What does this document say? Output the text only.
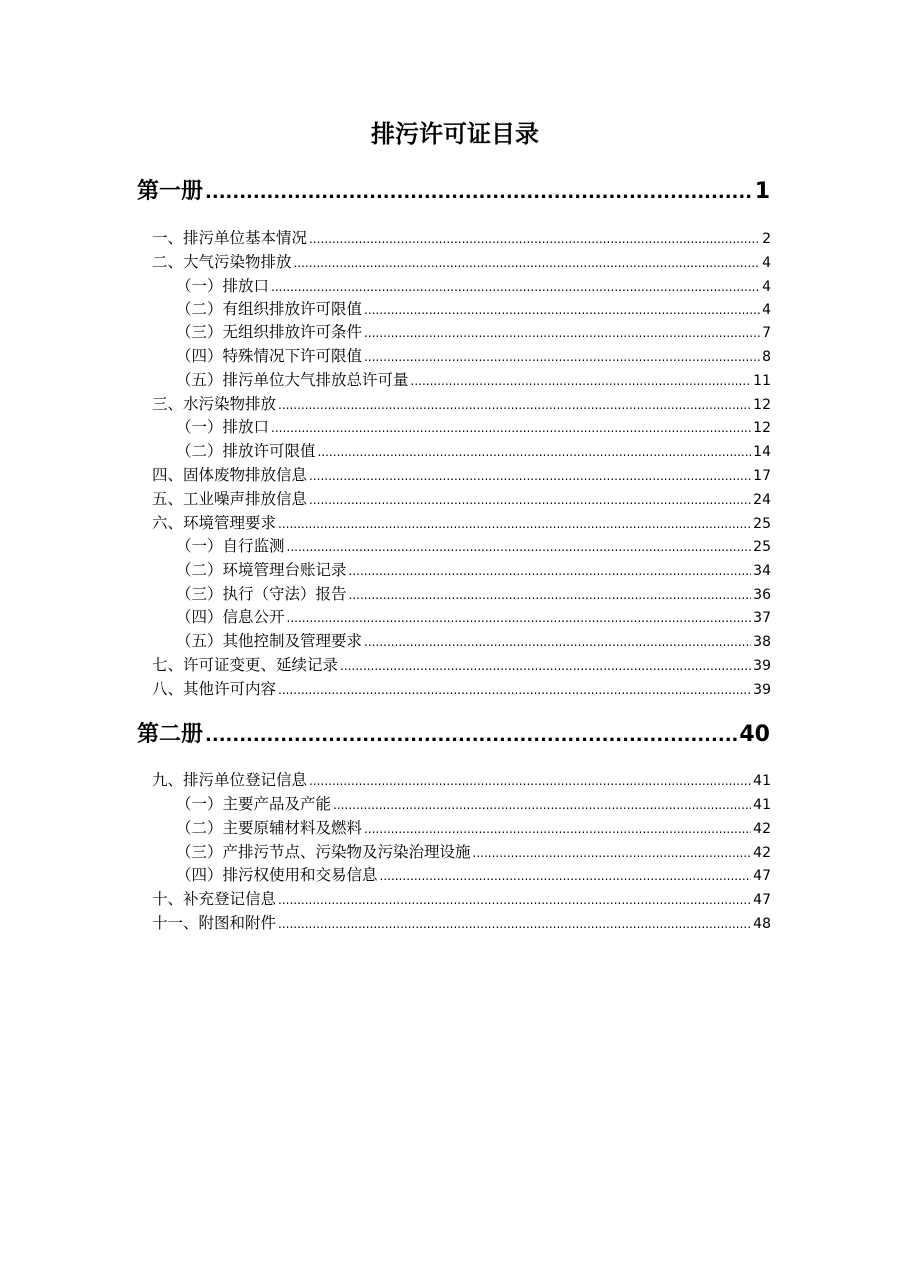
排污许可证目录
第一册 .....	1
一、排污单位基本情况 .....	2
二、大气污染物排放 .....	4
（一）排放口 .....	4
（二）有组织排放许可限值 .....	4
（三）无组织排放许可条件 .....	7
（四）特殊情况下许可限值 .....	8
（五）排污单位大气排放总许可量 .....	11
三、水污染物排放 .....	12
（一）排放口 .....	12
（二）排放许可限值 .....	14
四、固体废物排放信息 .....	17
五、工业噪声排放信息 .....	24
六、环境管理要求 .....	25
（一）自行监测 .....	25
（二）环境管理台账记录 .....	34
（三）执行（守法）报告 .....	36
（四）信息公开 .....	37
（五）其他控制及管理要求 .....	38
七、许可证变更、延续记录 .....	39
八、其他许可内容 .....	39
第二册 .....	40
九、排污单位登记信息 .....	41
（一）主要产品及产能 .....	41
（二）主要原辅材料及燃料 .....	42
（三）产排污节点、污染物及污染治理设施 .....	42
（四）排污权使用和交易信息 .....	47
十、补充登记信息 .....	47
十一、附图和附件 .....	48
